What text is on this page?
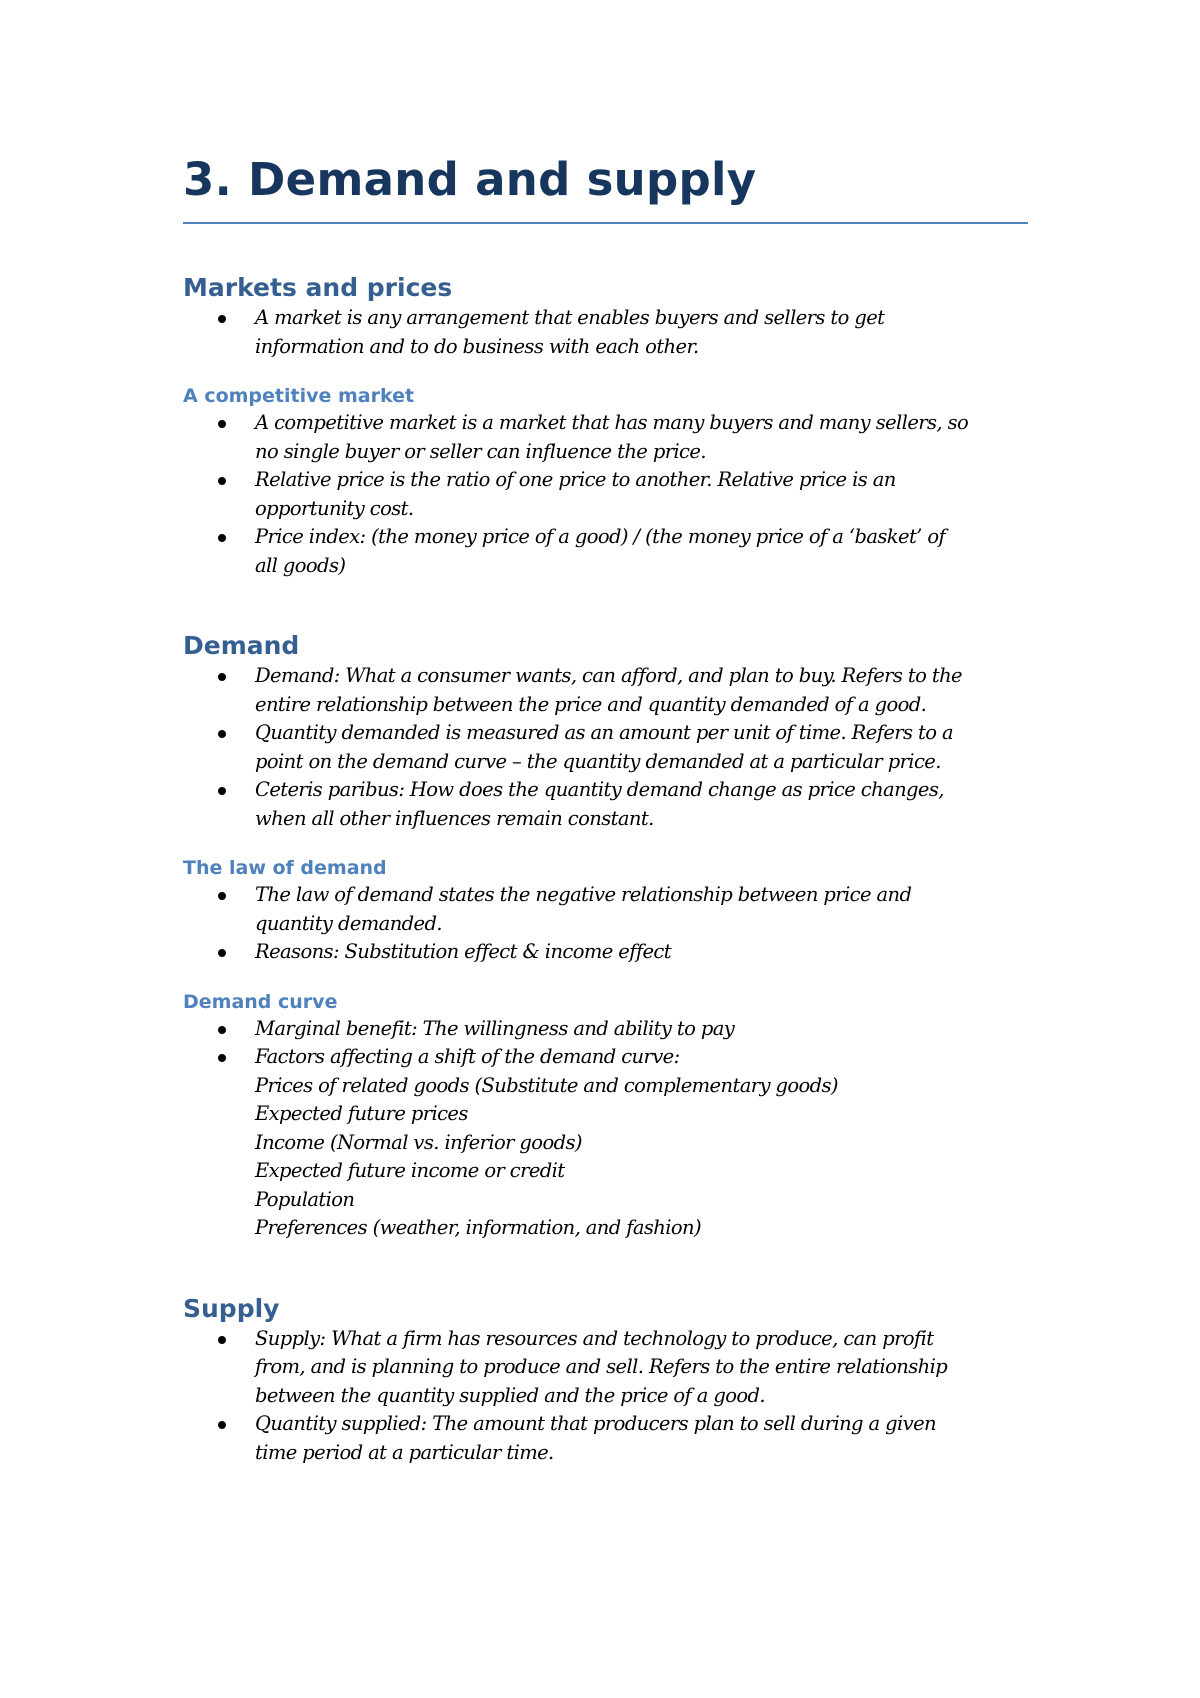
3. Demand and supply
Markets and prices
A market is any arrangement that enables buyers and sellers to get
information and to do business with each other.
A competitive market
A competitive market is a market that has many buyers and many sellers, so
no single buyer or seller can influence the price.
Relative price is the ratio of one price to another. Relative price is an
opportunity cost.
Price index: (the money price of a good) / (the money price of a ‘basket’ of
all goods)
Demand
Demand: What a consumer wants, can afford, and plan to buy. Refers to the
entire relationship between the price and quantity demanded of a good.
Quantity demanded is measured as an amount per unit of time. Refers to a
point on the demand curve – the quantity demanded at a particular price.
Ceteris paribus: How does the quantity demand change as price changes,
when all other influences remain constant.
The law of demand
The law of demand states the negative relationship between price and
quantity demanded.
Reasons: Substitution effect & income effect
Demand curve
Marginal benefit: The willingness and ability to pay
Factors affecting a shift of the demand curve:
Prices of related goods (Substitute and complementary goods)
Expected future prices
Income (Normal vs. inferior goods)
Expected future income or credit
Population
Preferences (weather, information, and fashion)
Supply
Supply: What a firm has resources and technology to produce, can profit
from, and is planning to produce and sell. Refers to the entire relationship
between the quantity supplied and the price of a good.
Quantity supplied: The amount that producers plan to sell during a given
time period at a particular time.
